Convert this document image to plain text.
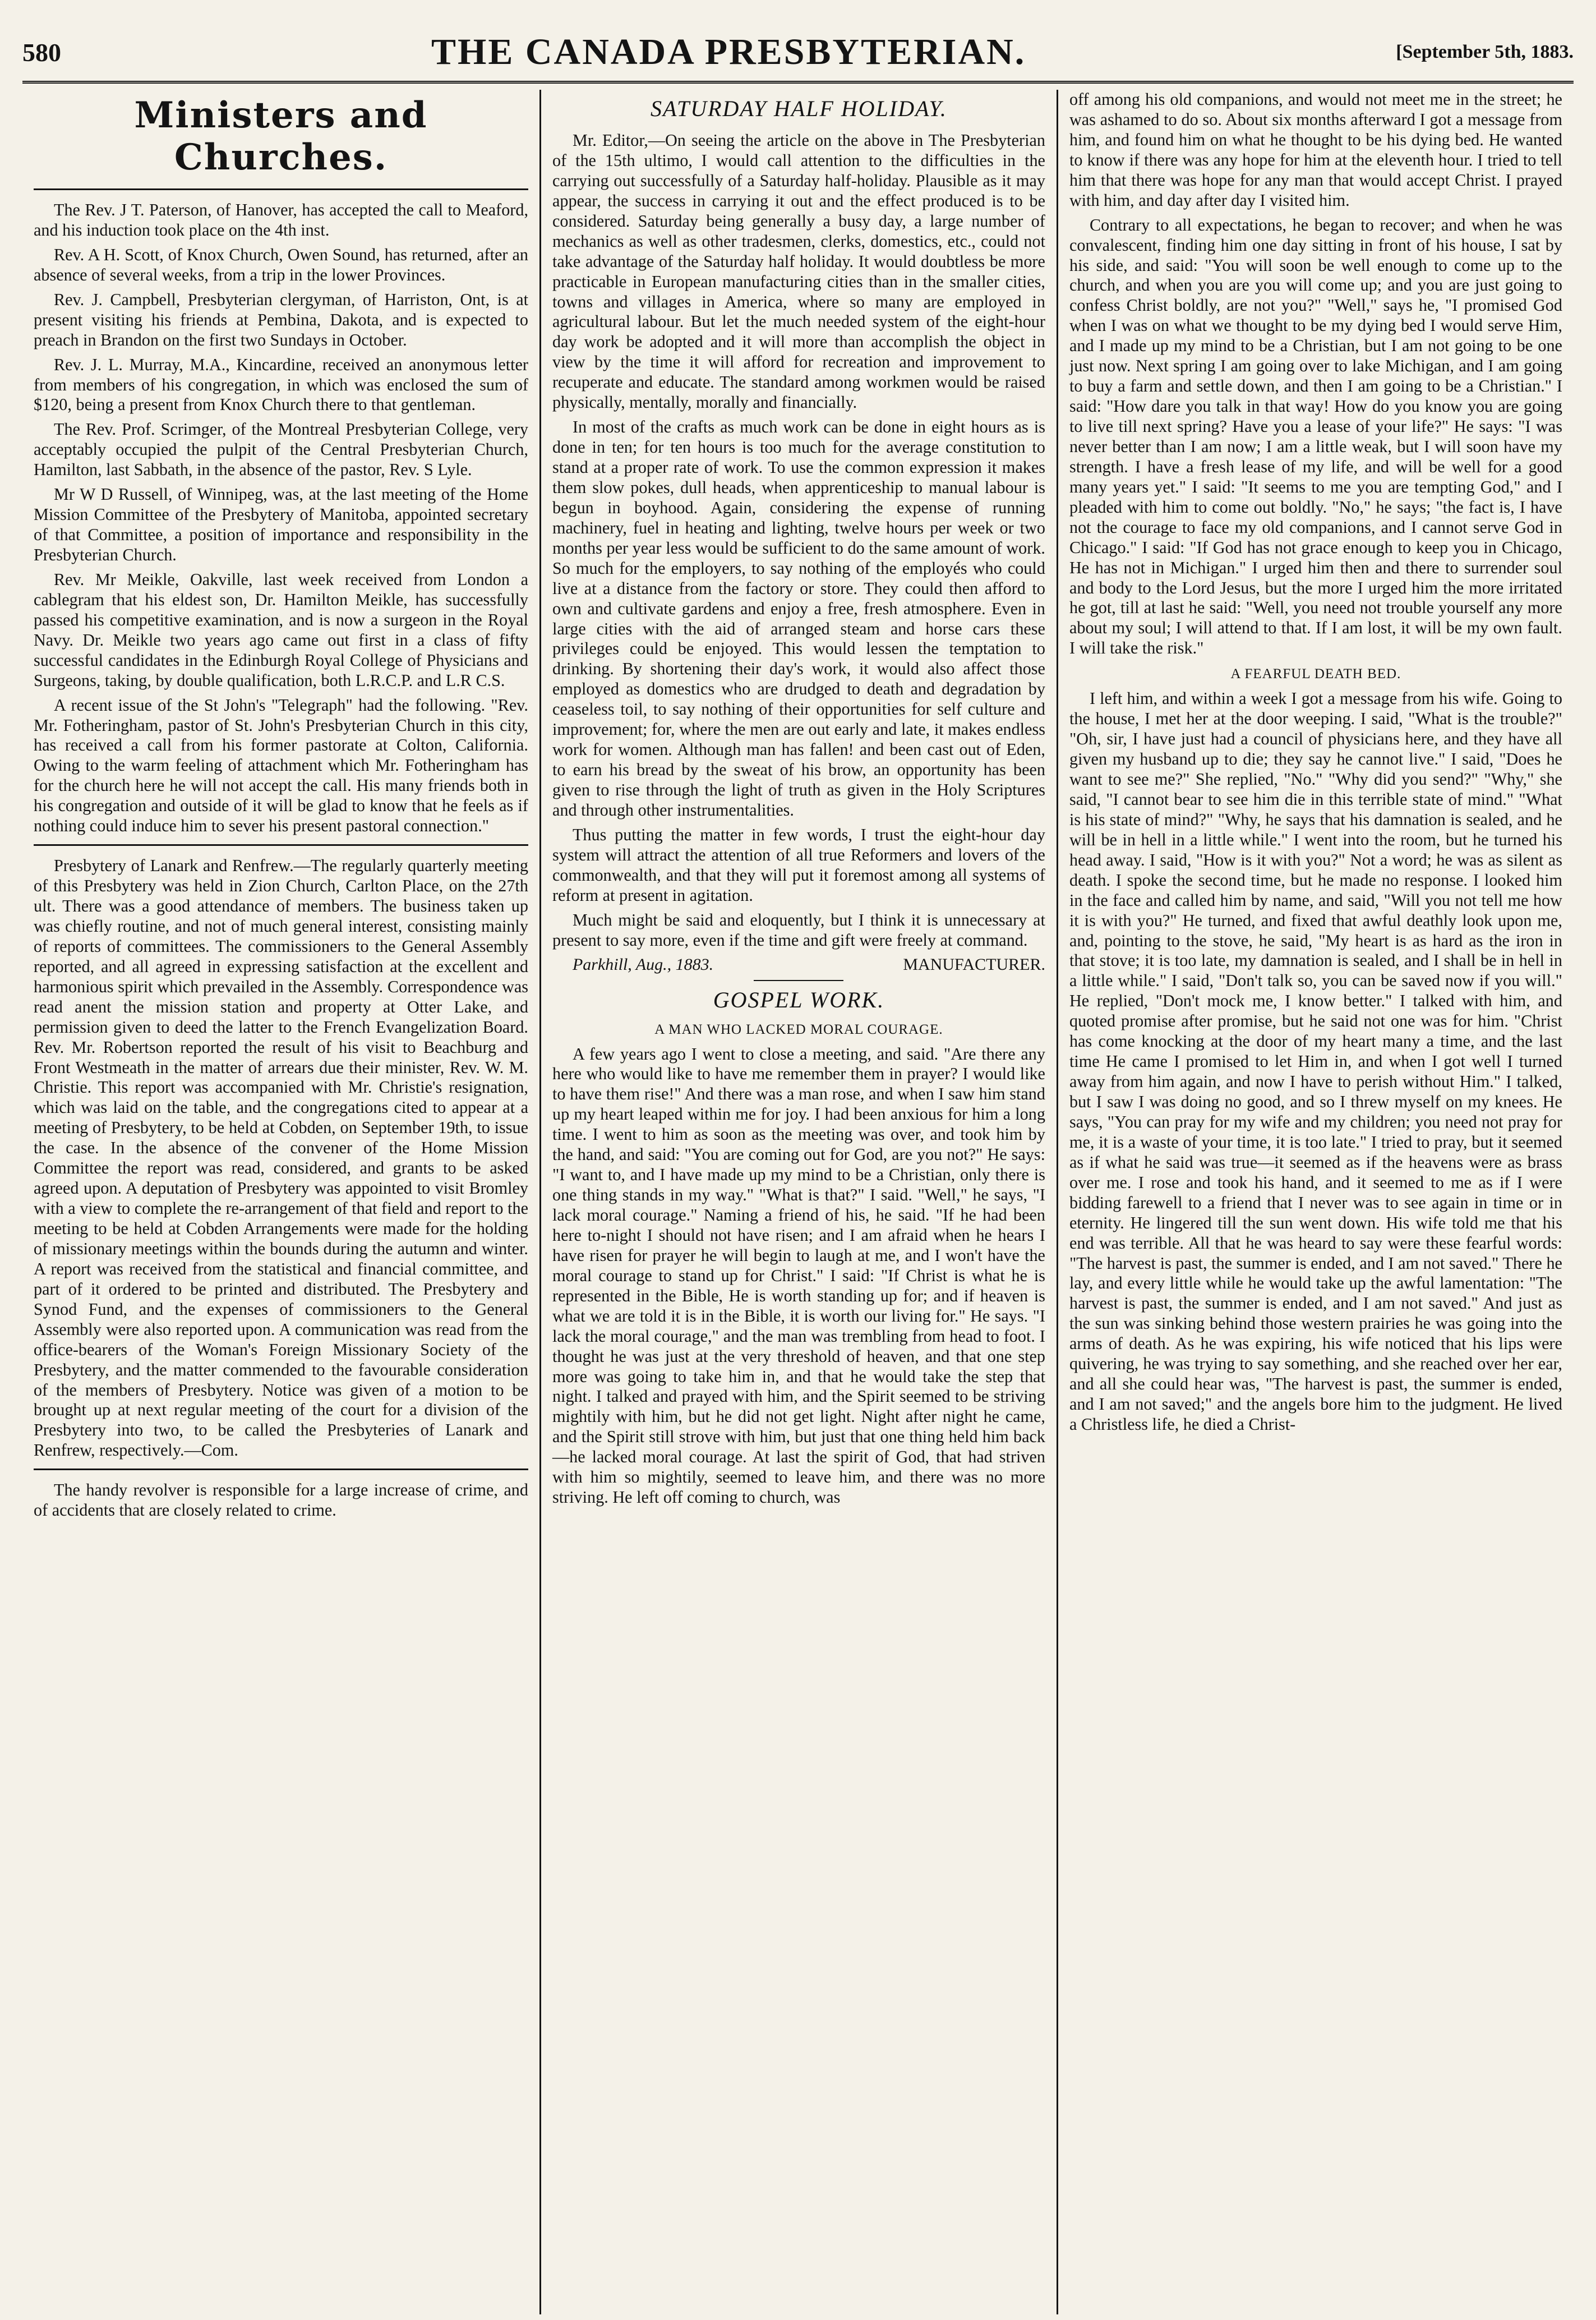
580	THE CANADA PRESBYTERIAN.	[September 5th, 1883.
Ministers and Churches.

The Rev. J T. Paterson, of Hanover, has accepted the call to Meaford, and his induction took place on the 4th inst.

Rev. A H. Scott, of Knox Church, Owen Sound, has returned, after an absence of several weeks, from a trip in the lower Provinces.

Rev. J. Campbell, Presbyterian clergyman, of Harriston, Ont, is at present visiting his friends at Pembina, Dakota, and is expected to preach in Brandon on the first two Sundays in October.

Rev. J. L. Murray, M.A., Kincardine, received an anonymous letter from members of his congregation, in which was enclosed the sum of $120, being a present from Knox Church there to that gentleman.

The Rev. Prof. Scrimger, of the Montreal Presbyterian College, very acceptably occupied the pulpit of the Central Presbyterian Church, Hamilton, last Sabbath, in the absence of the pastor, Rev. S Lyle.

Mr W D Russell, of Winnipeg, was, at the last meeting of the Home Mission Committee of the Presbytery of Manitoba, appointed secretary of that Committee, a position of importance and responsibility in the Presbyterian Church.

Rev. Mr Meikle, Oakville, last week received from London a cablegram that his eldest son, Dr. Hamilton Meikle, has successfully passed his competitive examination, and is now a surgeon in the Royal Navy. Dr. Meikle two years ago came out first in a class of fifty successful candidates in the Edinburgh Royal College of Physicians and Surgeons, taking, by double qualification, both L.R.C.P. and L.R C.S.

A recent issue of the St John's "Telegraph" had the following. "Rev. Mr. Fotheringham, pastor of St. John's Presbyterian Church in this city, has received a call from his former pastorate at Colton, California. Owing to the warm feeling of attachment which Mr. Fotheringham has for the church here he will not accept the call. His many friends both in his congregation and outside of it will be glad to know that he feels as if nothing could induce him to sever his present pastoral connection."

Presbytery of Lanark and Renfrew.—The regularly quarterly meeting of this Presbytery was held in Zion Church, Carlton Place, on the 27th ult. There was a good attendance of members. The business taken up was chiefly routine, and not of much general interest, consisting mainly of reports of committees. The commissioners to the General Assembly reported, and all agreed in expressing satisfaction at the excellent and harmonious spirit which prevailed in the Assembly. Correspondence was read anent the mission station and property at Otter Lake, and permission given to deed the latter to the French Evangelization Board. Rev. Mr. Robertson reported the result of his visit to Beachburg and Front Westmeath in the matter of arrears due their minister, Rev. W. M. Christie. This report was accompanied with Mr. Christie's resignation, which was laid on the table, and the congregations cited to appear at a meeting of Presbytery, to be held at Cobden, on September 19th, to issue the case. In the absence of the convener of the Home Mission Committee the report was read, considered, and grants to be asked agreed upon. A deputation of Presbytery was appointed to visit Bromley with a view to complete the re-arrangement of that field and report to the meeting to be held at Cobden Arrangements were made for the holding of missionary meetings within the bounds during the autumn and winter. A report was received from the statistical and financial committee, and part of it ordered to be printed and distributed. The Presbytery and Synod Fund, and the expenses of commissioners to the General Assembly were also reported upon. A communication was read from the office-bearers of the Woman's Foreign Missionary Society of the Presbytery, and the matter commended to the favourable consideration of the members of Presbytery. Notice was given of a motion to be brought up at next regular meeting of the court for a division of the Presbytery into two, to be called the Presbyteries of Lanark and Renfrew, respectively.—Com.

The handy revolver is responsible for a large increase of crime, and of accidents that are closely related to crime.

SATURDAY HALF HOLIDAY.

Mr. Editor,—On seeing the article on the above in The Presbyterian of the 15th ultimo, I would call attention to the difficulties in the carrying out successfully of a Saturday half-holiday. Plausible as it may appear, the success in carrying it out and the effect produced is to be considered. Saturday being generally a busy day, a large number of mechanics as well as other tradesmen, clerks, domestics, etc., could not take advantage of the Saturday half holiday. It would doubtless be more practicable in European manufacturing cities than in the smaller cities, towns and villages in America, where so many are employed in agricultural labour. But let the much needed system of the eight-hour day work be adopted and it will more than accomplish the object in view by the time it will afford for recreation and improvement to recuperate and educate. The standard among workmen would be raised physically, mentally, morally and financially.

In most of the crafts as much work can be done in eight hours as is done in ten; for ten hours is too much for the average constitution to stand at a proper rate of work. To use the common expression it makes them slow pokes, dull heads, when apprenticeship to manual labour is begun in boyhood. Again, considering the expense of running machinery, fuel in heating and lighting, twelve hours per week or two months per year less would be sufficient to do the same amount of work. So much for the employers, to say nothing of the employés who could live at a distance from the factory or store. They could then afford to own and cultivate gardens and enjoy a free, fresh atmosphere. Even in large cities with the aid of arranged steam and horse cars these privileges could be enjoyed. This would lessen the temptation to drinking. By shortening their day's work, it would also affect those employed as domestics who are drudged to death and degradation by ceaseless toil, to say nothing of their opportunities for self culture and improvement; for, where the men are out early and late, it makes endless work for women. Although man has fallen! and been cast out of Eden, to earn his bread by the sweat of his brow, an opportunity has been given to rise through the light of truth as given in the Holy Scriptures and through other instrumentalities.

Thus putting the matter in few words, I trust the eight-hour day system will attract the attention of all true Reformers and lovers of the commonwealth, and that they will put it foremost among all systems of reform at present in agitation.

Much might be said and eloquently, but I think it is unnecessary at present to say more, even if the time and gift were freely at command.

Parkhill, Aug., 1883.	MANUFACTURER.
GOSPEL WORK.
A MAN WHO LACKED MORAL COURAGE.

A few years ago I went to close a meeting, and said. "Are there any here who would like to have me remember them in prayer? I would like to have them rise!" And there was a man rose, and when I saw him stand up my heart leaped within me for joy. I had been anxious for him a long time. I went to him as soon as the meeting was over, and took him by the hand, and said: "You are coming out for God, are you not?" He says: "I want to, and I have made up my mind to be a Christian, only there is one thing stands in my way." "What is that?" I said. "Well," he says, "I lack moral courage." Naming a friend of his, he said. "If he had been here to-night I should not have risen; and I am afraid when he hears I have risen for prayer he will begin to laugh at me, and I won't have the moral courage to stand up for Christ." I said: "If Christ is what he is represented in the Bible, He is worth standing up for; and if heaven is what we are told it is in the Bible, it is worth our living for." He says. "I lack the moral courage," and the man was trembling from head to foot. I thought he was just at the very threshold of heaven, and that one step more was going to take him in, and that he would take the step that night. I talked and prayed with him, and the Spirit seemed to be striving mightily with him, but he did not get light. Night after night he came, and the Spirit still strove with him, but just that one thing held him back—he lacked moral courage. At last the spirit of God, that had striven with him so mightily, seemed to leave him, and there was no more striving. He left off coming to church, was

off among his old companions, and would not meet me in the street; he was ashamed to do so. About six months afterward I got a message from him, and found him on what he thought to be his dying bed. He wanted to know if there was any hope for him at the eleventh hour. I tried to tell him that there was hope for any man that would accept Christ. I prayed with him, and day after day I visited him.

Contrary to all expectations, he began to recover; and when he was convalescent, finding him one day sitting in front of his house, I sat by his side, and said: "You will soon be well enough to come up to the church, and when you are you will come up; and you are just going to confess Christ boldly, are not you?" "Well," says he, "I promised God when I was on what we thought to be my dying bed I would serve Him, and I made up my mind to be a Christian, but I am not going to be one just now. Next spring I am going over to lake Michigan, and I am going to buy a farm and settle down, and then I am going to be a Christian." I said: "How dare you talk in that way! How do you know you are going to live till next spring? Have you a lease of your life?" He says: "I was never better than I am now; I am a little weak, but I will soon have my strength. I have a fresh lease of my life, and will be well for a good many years yet." I said: "It seems to me you are tempting God," and I pleaded with him to come out boldly. "No," he says; "the fact is, I have not the courage to face my old companions, and I cannot serve God in Chicago." I said: "If God has not grace enough to keep you in Chicago, He has not in Michigan." I urged him then and there to surrender soul and body to the Lord Jesus, but the more I urged him the more irritated he got, till at last he said: "Well, you need not trouble yourself any more about my soul; I will attend to that. If I am lost, it will be my own fault. I will take the risk."

A FEARFUL DEATH BED.

I left him, and within a week I got a message from his wife. Going to the house, I met her at the door weeping. I said, "What is the trouble?" "Oh, sir, I have just had a council of physicians here, and they have all given my husband up to die; they say he cannot live." I said, "Does he want to see me?" She replied, "No." "Why did you send?" "Why," she said, "I cannot bear to see him die in this terrible state of mind." "What is his state of mind?" "Why, he says that his damnation is sealed, and he will be in hell in a little while." I went into the room, but he turned his head away. I said, "How is it with you?" Not a word; he was as silent as death. I spoke the second time, but he made no response. I looked him in the face and called him by name, and said, "Will you not tell me how it is with you?" He turned, and fixed that awful deathly look upon me, and, pointing to the stove, he said, "My heart is as hard as the iron in that stove; it is too late, my damnation is sealed, and I shall be in hell in a little while." I said, "Don't talk so, you can be saved now if you will." He replied, "Don't mock me, I know better." I talked with him, and quoted promise after promise, but he said not one was for him. "Christ has come knocking at the door of my heart many a time, and the last time He came I promised to let Him in, and when I got well I turned away from him again, and now I have to perish without Him." I talked, but I saw I was doing no good, and so I threw myself on my knees. He says, "You can pray for my wife and my children; you need not pray for me, it is a waste of your time, it is too late." I tried to pray, but it seemed as if what he said was true—it seemed as if the heavens were as brass over me. I rose and took his hand, and it seemed to me as if I were bidding farewell to a friend that I never was to see again in time or in eternity. He lingered till the sun went down. His wife told me that his end was terrible. All that he was heard to say were these fearful words: "The harvest is past, the summer is ended, and I am not saved." There he lay, and every little while he would take up the awful lamentation: "The harvest is past, the summer is ended, and I am not saved." And just as the sun was sinking behind those western prairies he was going into the arms of death. As he was expiring, his wife noticed that his lips were quivering, he was trying to say something, and she reached over her ear, and all she could hear was, "The harvest is past, the summer is ended, and I am not saved;" and the angels bore him to the judgment. He lived a Christless life, he died a Christ-
